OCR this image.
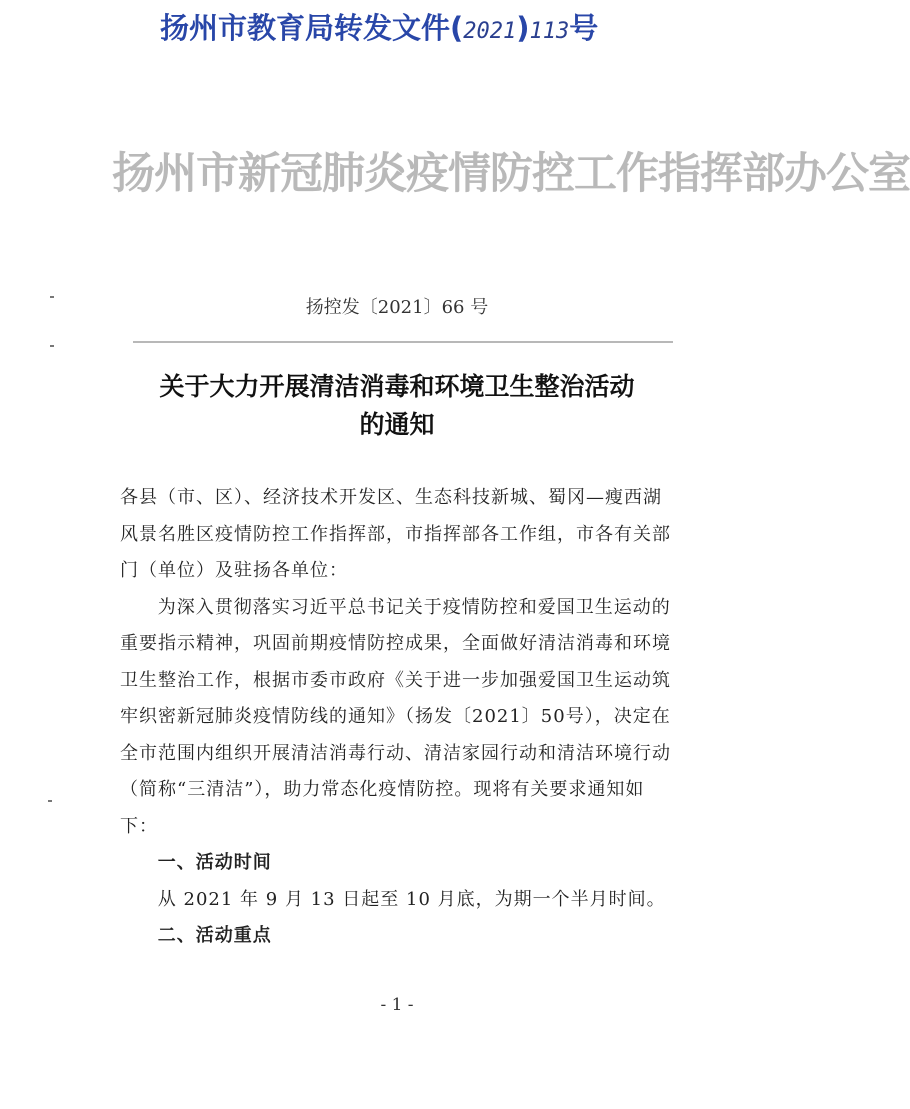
扬州市教育局转发文件(2021)113号
扬州市新冠肺炎疫情防控工作指挥部办公室
扬控发〔2021〕66 号
关于大力开展清洁消毒和环境卫生整治活动
的通知

各县（市、区）、经济技术开发区、生态科技新城、蜀冈—瘦西湖风景名胜区疫情防控工作指挥部，市指挥部各工作组，市各有关部门（单位）及驻扬各单位：

为深入贯彻落实习近平总书记关于疫情防控和爱国卫生运动的重要指示精神，巩固前期疫情防控成果，全面做好清洁消毒和环境卫生整治工作，根据市委市政府《关于进一步加强爱国卫生运动筑牢织密新冠肺炎疫情防线的通知》（扬发〔2021〕50号），决定在全市范围内组织开展清洁消毒行动、清洁家园行动和清洁环境行动（简称“三清洁”），助力常态化疫情防控。现将有关要求通知如下：

一、活动时间

从 2021 年 9 月 13 日起至 10 月底，为期一个半月时间。

二、活动重点

- 1 -
